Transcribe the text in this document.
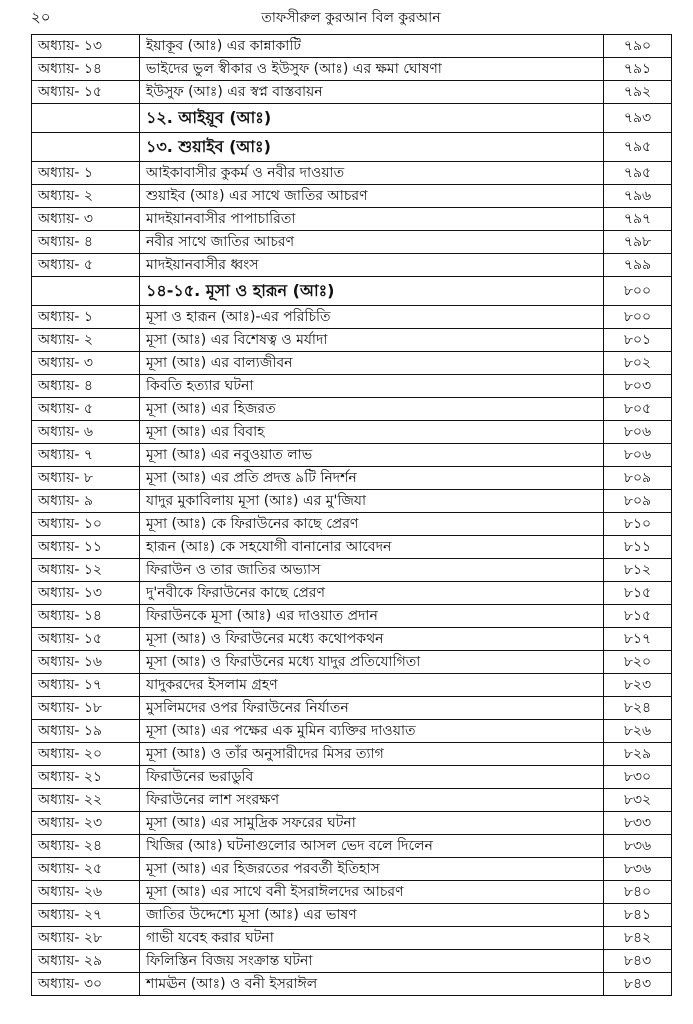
২০	তাফসীরুল কুরআন বিল কুরআন
অধ্যায়- ১৩	ইয়াকূব (আঃ) এর কান্নাকাটি	৭৯০
অধ্যায়- ১৪	ভাইদের ভুল স্বীকার ও ইউসুফ (আঃ) এর ক্ষমা ঘোষণা	৭৯১
অধ্যায়- ১৫	ইউসুফ (আঃ) এর স্বপ্ন বাস্তবায়ন	৭৯২
	১২. আইয়ূব (আঃ)	৭৯৩
	১৩. শুয়াইব (আঃ)	৭৯৫
অধ্যায়- ১	আইকাবাসীর কুকর্ম ও নবীর দাওয়াত	৭৯৫
অধ্যায়- ২	শুয়াইব (আঃ) এর সাথে জাতির আচরণ	৭৯৬
অধ্যায়- ৩	মাদইয়ানবাসীর পাপাচারিতা	৭৯৭
অধ্যায়- ৪	নবীর সাথে জাতির আচরণ	৭৯৮
অধ্যায়- ৫	মাদইয়ানবাসীর ধ্বংস	৭৯৯
	১৪-১৫. মূসা ও হারূন (আঃ)	৮০০
অধ্যায়- ১	মূসা ও হারূন (আঃ)-এর পরিচিতি	৮০০
অধ্যায়- ২	মূসা (আঃ) এর বিশেষত্ব ও মর্যাদা	৮০১
অধ্যায়- ৩	মূসা (আঃ) এর বাল্যজীবন	৮০২
অধ্যায়- ৪	কিবতি হত্যার ঘটনা	৮০৩
অধ্যায়- ৫	মূসা (আঃ) এর হিজরত	৮০৫
অধ্যায়- ৬	মূসা (আঃ) এর বিবাহ	৮০৬
অধ্যায়- ৭	মূসা (আঃ) এর নবুওয়াত লাভ	৮০৬
অধ্যায়- ৮	মূসা (আঃ) এর প্রতি প্রদত্ত ৯টি নিদর্শন	৮০৯
অধ্যায়- ৯	যাদুর মুকাবিলায় মূসা (আঃ) এর মু'জিযা	৮০৯
অধ্যায়- ১০	মূসা (আঃ) কে ফিরাউনের কাছে প্রেরণ	৮১০
অধ্যায়- ১১	হারূন (আঃ) কে সহযোগী বানানোর আবেদন	৮১১
অধ্যায়- ১২	ফিরাউন ও তার জাতির অভ্যাস	৮১২
অধ্যায়- ১৩	দু'নবীকে ফিরাউনের কাছে প্রেরণ	৮১৫
অধ্যায়- ১৪	ফিরাউনকে মূসা (আঃ) এর দাওয়াত প্রদান	৮১৫
অধ্যায়- ১৫	মূসা (আঃ) ও ফিরাউনের মধ্যে কথোপকথন	৮১৭
অধ্যায়- ১৬	মূসা (আঃ) ও ফিরাউনের মধ্যে যাদুর প্রতিযোগিতা	৮২০
অধ্যায়- ১৭	যাদুকরদের ইসলাম গ্রহণ	৮২৩
অধ্যায়- ১৮	মুসলিমদের ওপর ফিরাউনের নির্যাতন	৮২৪
অধ্যায়- ১৯	মূসা (আঃ) এর পক্ষের এক মুমিন ব্যক্তির দাওয়াত	৮২৬
অধ্যায়- ২০	মূসা (আঃ) ও তাঁর অনুসারীদের মিসর ত্যাগ	৮২৯
অধ্যায়- ২১	ফিরাউনের ভরাডুবি	৮৩০
অধ্যায়- ২২	ফিরাউনের লাশ সংরক্ষণ	৮৩২
অধ্যায়- ২৩	মূসা (আঃ) এর সামুদ্রিক সফরের ঘটনা	৮৩৩
অধ্যায়- ২৪	খিজির (আঃ) ঘটনাগুলোর আসল ভেদ বলে দিলেন	৮৩৬
অধ্যায়- ২৫	মূসা (আঃ) এর হিজরতের পরবর্তী ইতিহাস	৮৩৬
অধ্যায়- ২৬	মূসা (আঃ) এর সাথে বনী ইসরাঈলদের আচরণ	৮৪০
অধ্যায়- ২৭	জাতির উদ্দেশ্যে মূসা (আঃ) এর ভাষণ	৮৪১
অধ্যায়- ২৮	গাভী যবেহ করার ঘটনা	৮৪২
অধ্যায়- ২৯	ফিলিস্তিন বিজয় সংক্রান্ত ঘটনা	৮৪৩
অধ্যায়- ৩০	শামঊন (আঃ) ও বনী ইসরাঈল	৮৪৩
